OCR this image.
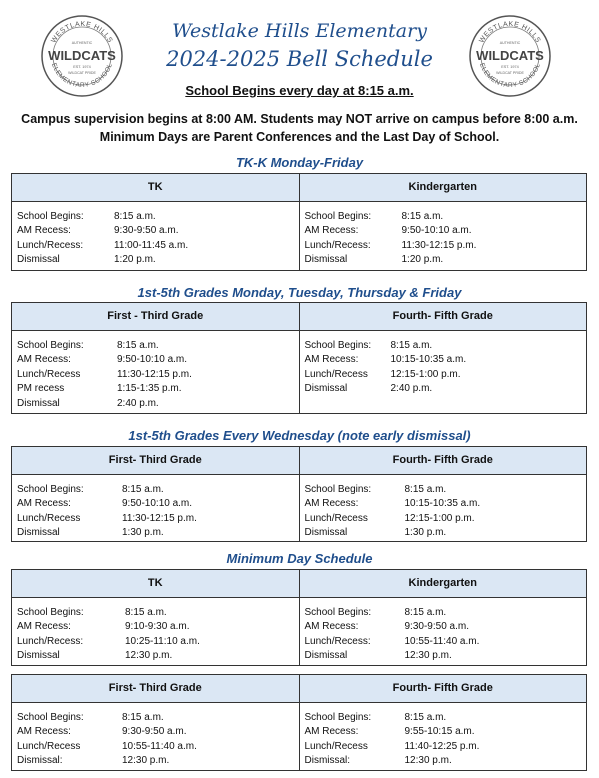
WESTLAKE HILLS
ELEMENTARY SCHOOL
AUTHENTIC
WILDCATS
EST. 1974
WILDCAT PRIDE
WESTLAKE HILLS
ELEMENTARY SCHOOL
AUTHENTIC
WILDCATS
EST. 1974
WILDCAT PRIDE
Westlake Hills Elementary
2024-2025 Bell Schedule
School Begins every day at 8:15 a.m.
Campus supervision begins at 8:00 AM. Students may NOT arrive on campus before 8:00 a.m.
Minimum Days are Parent Conferences and the Last Day of School.
TK-K Monday-Friday
TK
School Begins:	8:15 a.m.
AM Recess:	9:30-9:50 a.m.
Lunch/Recess:	11:00-11:45 a.m.
Dismissal	1:20 p.m.
Kindergarten
School Begins:	8:15 a.m.
AM Recess:	9:50-10:10 a.m.
Lunch/Recess:	11:30-12:15 p.m.
Dismissal	1:20 p.m.
1st-5th Grades Monday, Tuesday, Thursday & Friday
First - Third Grade
School Begins:	8:15 a.m.
AM Recess:	9:50-10:10 a.m.
Lunch/Recess	11:30-12:15 p.m.
PM recess	1:15-1:35 p.m.
Dismissal	2:40 p.m.
Fourth- Fifth Grade
School Begins:	8:15 a.m.
AM Recess:	10:15-10:35 a.m.
Lunch/Recess	12:15-1:00 p.m.
Dismissal	2:40 p.m.
1st-5th Grades Every Wednesday (note early dismissal)
First- Third Grade
School Begins:	8:15 a.m.
AM Recess:	9:50-10:10 a.m.
Lunch/Recess	11:30-12:15 p.m.
Dismissal	1:30 p.m.
Fourth- Fifth Grade
School Begins:	8:15 a.m.
AM Recess:	10:15-10:35 a.m.
Lunch/Recess	12:15-1:00 p.m.
Dismissal	1:30 p.m.
Minimum Day Schedule
TK
School Begins:	8:15 a.m.
AM Recess:	9:10-9:30 a.m.
Lunch/Recess:	10:25-11:10 a.m.
Dismissal	12:30 p.m.
Kindergarten
School Begins:	8:15 a.m.
AM Recess:	9:30-9:50 a.m.
Lunch/Recess:	10:55-11:40 a.m.
Dismissal	12:30 p.m.
First- Third Grade
School Begins:	8:15 a.m.
AM Recess:	9:30-9:50 a.m.
Lunch/Recess	10:55-11:40 a.m.
Dismissal:	12:30 p.m.
Fourth- Fifth Grade
School Begins:	8:15 a.m.
AM Recess:	9:55-10:15 a.m.
Lunch/Recess	11:40-12:25 p.m.
Dismissal:	12:30 p.m.
